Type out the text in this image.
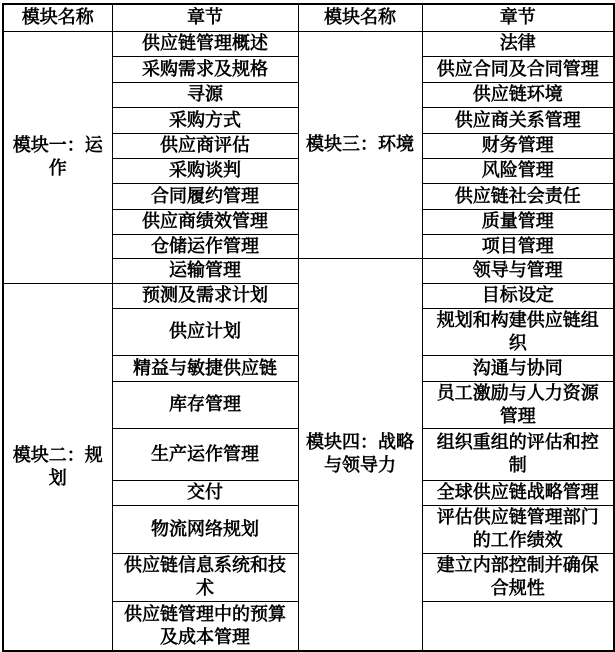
模块名称	章节	模块名称	章节
模块一：运作	供应链管理概述	模块三：环境	法律
	采购需求及规格		供应合同及合同管理
	寻源		供应链环境
	采购方式		供应商关系管理
	供应商评估		财务管理
	采购谈判		风险管理
	合同履约管理		供应链社会责任
	供应商绩效管理		质量管理
	仓储运作管理		项目管理
	运输管理	模块四：战略与领导力	领导与管理
模块二：规划	预测及需求计划		目标设定
	供应计划		规划和构建供应链组织
	精益与敏捷供应链		沟通与协同
	库存管理		员工激励与人力资源管理
	生产运作管理		组织重组的评估和控制
	交付		全球供应链战略管理
	物流网络规划		评估供应链管理部门的工作绩效
	供应链信息系统和技术		建立内部控制并确保合规性
	供应链管理中的预算及成本管理		
